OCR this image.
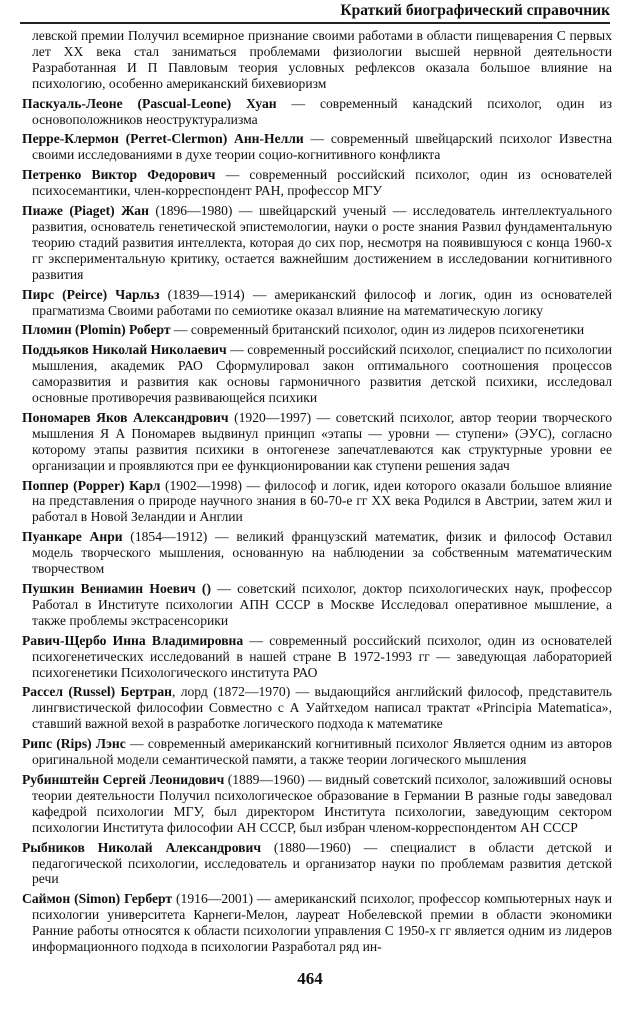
Краткий биографический справочник

левской премии Получил всемирное признание своими работами в области пищеварения С первых лет XX века стал заниматься проблемами физиологии высшей нервной деятельности Разработанная И П Павловым теория условных рефлексов оказала большое влияние на психологию, особенно американский бихевиоризм

Паскуаль-Леоне (Pascual-Leone) Хуан — современный канадский психолог, один из основоположников неоструктурализма

Перре-Клермон (Perret-Clermon) Анн-Нелли — современный швейцарский психолог Известна своими исследованиями в духе теории социо-когнитивного конфликта

Петренко Виктор Федорович — современный российский психолог, один из основателей психосемантики, член-корреспондент РАН, профессор МГУ

Пиаже (Piaget) Жан (1896—1980) — швейцарский ученый — исследователь интеллектуального развития, основатель генетической эпистемологии, науки о росте знания Развил фундаментальную теорию стадий развития интеллекта, которая до сих пор, несмотря на появившуюся с конца 1960-х гг экспериментальную критику, остается важнейшим достижением в исследовании когнитивного развития

Пирс (Peirce) Чарльз (1839—1914) — американский философ и логик, один из основателей прагматизма Своими работами по семиотике оказал влияние на математическую логику

Пломин (Plomin) Роберт — современный британский психолог, один из лидеров психогенетики

Поддьяков Николай Николаевич — современный российский психолог, специалист по психологии мышления, академик РАО Сформулировал закон оптимального соотношения процессов саморазвития и развития как основы гармоничного развития детской психики, исследовал основные противоречия развивающейся психики

Пономарев Яков Александрович (1920—1997) — советский психолог, автор теории творческого мышления Я А Пономарев выдвинул принцип «этапы — уровни — ступени» (ЭУС), согласно которому этапы развития психики в онтогенезе запечатлеваются как структурные уровни ее организации и проявляются при ее функционировании как ступени решения задач

Поппер (Popper) Карл (1902—1998) — философ и логик, идеи которого оказали большое влияние на представления о природе научного знания в 60-70-е гг XX века Родился в Австрии, затем жил и работал в Новой Зеландии и Англии

Пуанкаре Анри (1854—1912) — великий французский математик, физик и философ Оставил модель творческого мышления, основанную на наблюдении за собственным математическим творчеством

Пушкин Вениамин Ноевич () — советский психолог, доктор психологических наук, профессор Работал в Институте психологии АПН СССР в Москве Исследовал оперативное мышление, а также проблемы экстрасенсорики

Равич-Щербо Инна Владимировна — современный российский психолог, один из основателей психогенетических исследований в нашей стране В 1972-1993 гг — заведующая лабораторией психогенетики Психологического института РАО

Рассел (Russel) Бертран, лорд (1872—1970) — выдающийся английский философ, представитель лингвистической философии Совместно с А Уайтхедом написал трактат «Principia Matematica», ставший важной вехой в разработке логического подхода к математике

Рипс (Rips) Лэнс — современный американский когнитивный психолог Является одним из авторов оригинальной модели семантической памяти, а также теории логического мышления

Рубинштейн Сергей Леонидович (1889—1960) — видный советский психолог, заложивший основы теории деятельности Получил психологическое образование в Германии В разные годы заведовал кафедрой психологии МГУ, был директором Института психологии, заведующим сектором психологии Института философии АН СССР, был избран членом-корреспондентом АН СССР

Рыбников Николай Александрович (1880—1960) — специалист в области детской и педагогической психологии, исследователь и организатор науки по проблемам развития детской речи

Саймон (Simon) Герберт (1916—2001) — американский психолог, профессор компьютерных наук и психологии университета Карнеги-Мелон, лауреат Нобелевской премии в области экономики Ранние работы относятся к области психологии управления С 1950-х гг является одним из лидеров информационного подхода в психологии Разработал ряд ин-

464
